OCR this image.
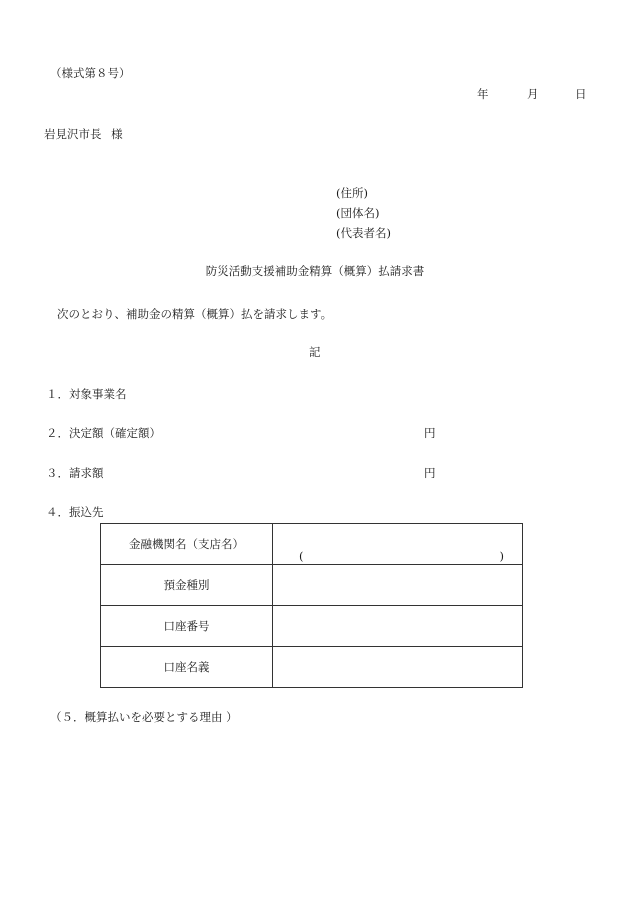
（様式第８号）
年	月	日
岩見沢市長 様
(住所)
(団体名)
(代表者名)
防災活動支援補助金精算（概算）払請求書
次のとおり、補助金の精算（概算）払を請求します。
記
１．対象事業名
２．決定額（確定額）	円
３．請求額	円
４．振込先
金融機関名（支店名）	( )

預金種別	
口座番号	
口座名義	
（５．概算払いを必要とする理由 ）
